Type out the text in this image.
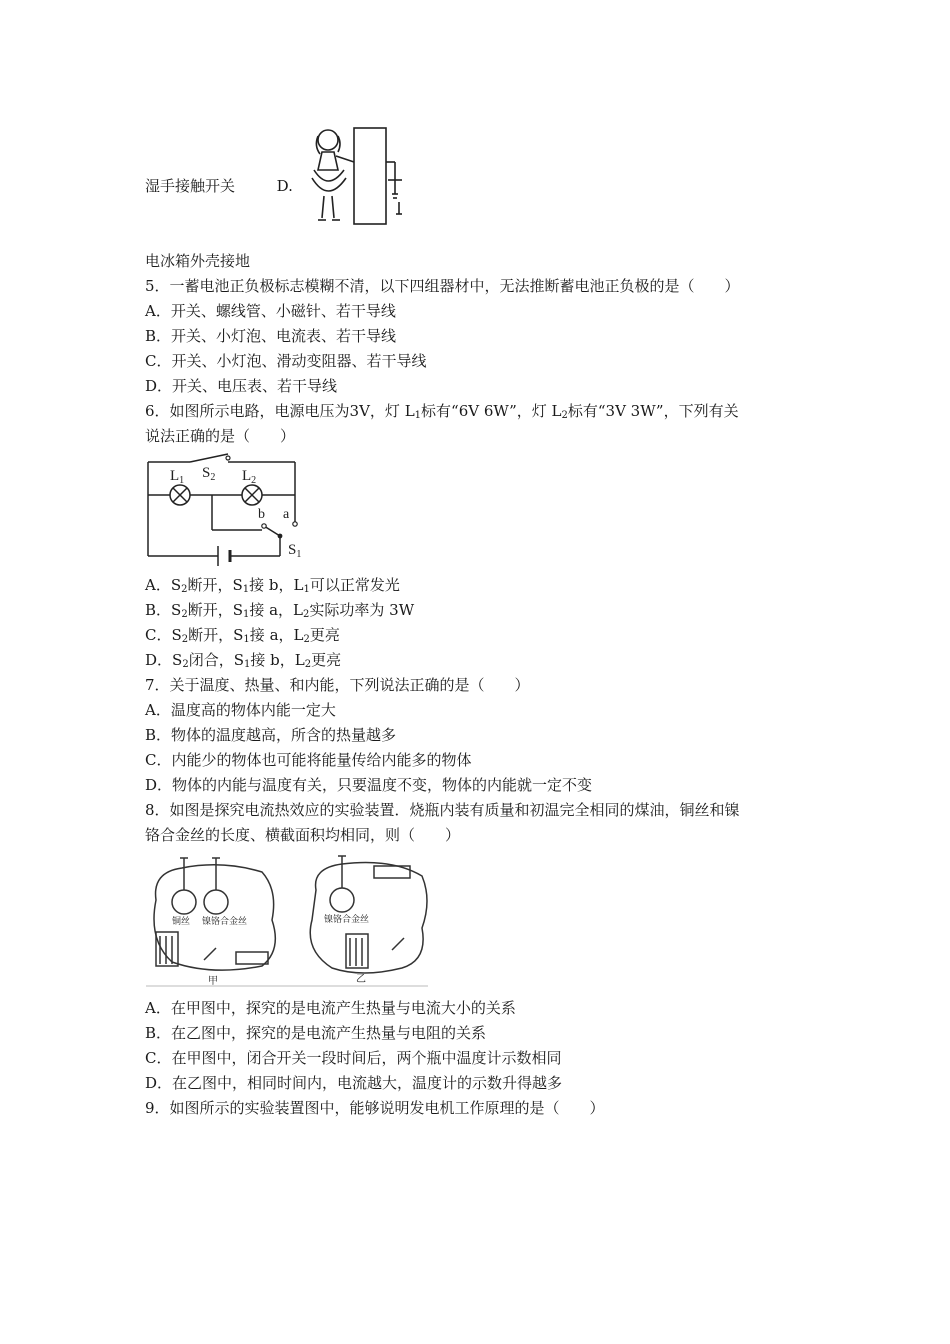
湿手接触开关	D.
电冰箱外壳接地
5．一蓄电池正负极标志模糊不清，以下四组器材中，无法推断蓄电池正负极的是（　　）
A．开关、螺线管、小磁针、若干导线
B．开关、小灯泡、电流表、若干导线
C．开关、小灯泡、滑动变阻器、若干导线
D．开关、电压表、若干导线
6．如图所示电路，电源电压为3V，灯 $L_1$标有“6V 6W”，灯 $L_2$标有“3V 3W”，下列有关
说法正确的是（　　）
$L_1$ $S_2$ $L_2$
b a
$S_1$
A．$S_2$断开，$S_1$接 b，$L_1$可以正常发光
B．$S_2$断开，$S_1$接 a，$L_2$实际功率为 3W
C．$S_2$断开，$S_1$接 a，$L_2$更亮
D．$S_2$闭合，$S_1$接 b，$L_2$更亮
7．关于温度、热量、和内能，下列说法正确的是（　　）
A．温度高的物体内能一定大
B．物体的温度越高，所含的热量越多
C．内能少的物体也可能将能量传给内能多的物体
D．物体的内能与温度有关，只要温度不变，物体的内能就一定不变
8．如图是探究电流热效应的实验装置．烧瓶内装有质量和初温完全相同的煤油，铜丝和镍
铬合金丝的长度、横截面积均相同，则（　　）
铜丝 镍铬合金丝	镍铬合金丝
甲	乙
A．在甲图中，探究的是电流产生热量与电流大小的关系
B．在乙图中，探究的是电流产生热量与电阻的关系
C．在甲图中，闭合开关一段时间后，两个瓶中温度计示数相同
D．在乙图中，相同时间内，电流越大，温度计的示数升得越多
9．如图所示的实验装置图中，能够说明发电机工作原理的是（　　）
